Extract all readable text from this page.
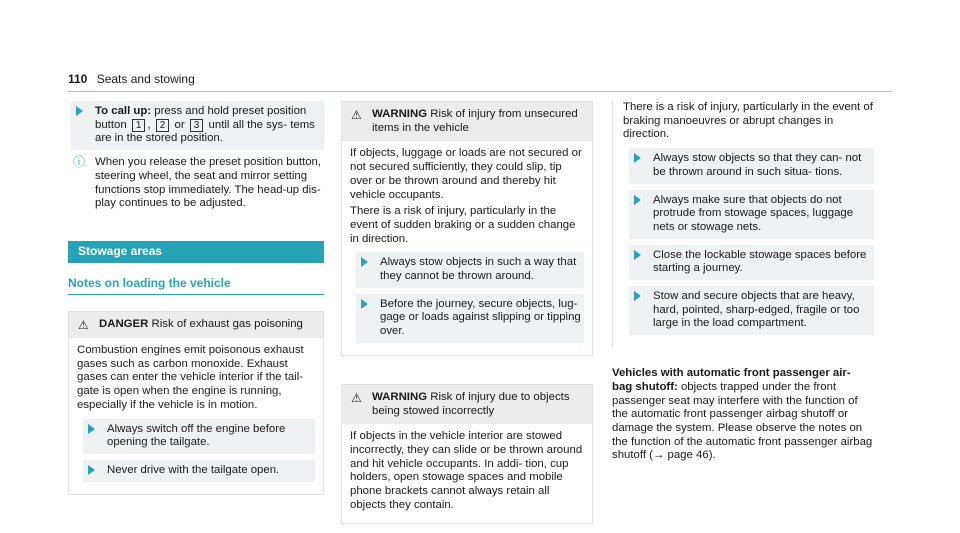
110 Seats and stowing
To call up: press and hold preset position button 1 , 2 or 3 until all the sys- tems are in the stored position.
ⓘ When you release the preset position button, steering wheel, the seat and mirror setting functions stop immediately. The head-up dis- play continues to be adjusted.
Stowage areas
Notes on loading the vehicle
⚠ DANGER Risk of exhaust gas poisoning

Combustion engines emit poisonous exhaust gases such as carbon monoxide. Exhaust gases can enter the vehicle interior if the tail- gate is open when the engine is running, especially if the vehicle is in motion.

Always switch off the engine before opening the tailgate.
Never drive with the tailgate open.
⚠ WARNING Risk of injury from unsecured items in the vehicle

If objects, luggage or loads are not secured or not secured sufficiently, they could slip, tip over or be thrown around and thereby hit vehicle occupants.

There is a risk of injury, particularly in the event of sudden braking or a sudden change in direction.

Always stow objects in such a way that they cannot be thrown around.
Before the journey, secure objects, lug- gage or loads against slipping or tipping over.
⚠ WARNING Risk of injury due to objects being stowed incorrectly

If objects in the vehicle interior are stowed incorrectly, they can slide or be thrown around and hit vehicle occupants. In addi- tion, cup holders, open stowage spaces and mobile phone brackets cannot always retain all objects they contain.

There is a risk of injury, particularly in the event of braking manoeuvres or abrupt changes in direction.

Always stow objects so that they can- not be thrown around in such situa- tions.
Always make sure that objects do not protrude from stowage spaces, luggage nets or stowage nets.
Close the lockable stowage spaces before starting a journey.
Stow and secure objects that are heavy, hard, pointed, sharp-edged, fragile or too large in the load compartment.

Vehicles with automatic front passenger air- bag shutoff: objects trapped under the front passenger seat may interfere with the function of the automatic front passenger airbag shutoff or damage the system. Please observe the notes on the function of the automatic front passenger airbag shutoff (→ page 46).
